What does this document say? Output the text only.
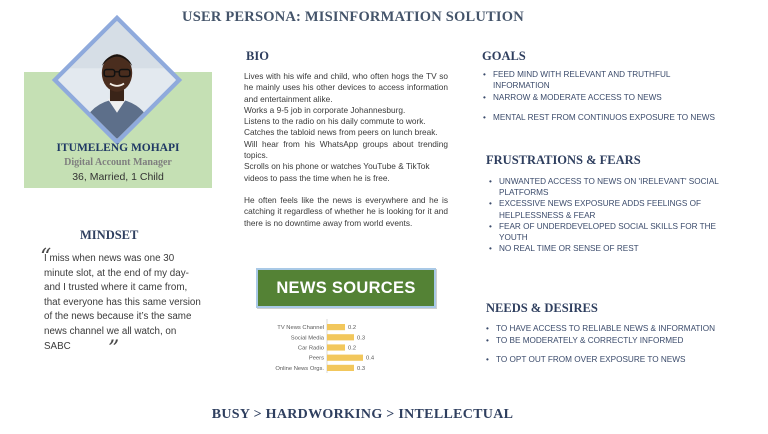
USER PERSONA: MISINFORMATION SOLUTION
ITUMELENG MOHAPI
Digital Account Manager
36, Married, 1 Child
BIO

Lives with his wife and child, who often hogs the TV so he mainly uses his other devices to access information and entertainment alike.

Works a 9-5 job in corporate Johannesburg.

Listens to the radio on his daily commute to work.

Catches the tabloid news from peers on lunch break.

Will hear from his WhatsApp groups about trending topics.

Scrolls on his phone or watches YouTube & TikTok videos to pass the time when he is free.

He often feels like the news is everywhere and he is catching it regardless of whether he is looking for it and there is no downtime away from world events.

GOALS
• FEED MIND WITH RELEVANT AND TRUTHFUL INFORMATION
• NARROW & MODERATE ACCESS TO NEWS
• MENTAL REST FROM CONTINUOS EXPOSURE TO NEWS
FRUSTRATIONS & FEARS
• UNWANTED ACCESS TO NEWS ON 'IRELEVANT' SOCIAL PLATFORMS
• EXCESSIVE NEWS EXPOSURE ADDS FEELINGS OF HELPLESSNESS & FEAR
• FEAR OF UNDERDEVELOPED SOCIAL SKILLS FOR THE YOUTH
• NO REAL TIME OR SENSE OF REST
NEEDS & DESIRES
• TO HAVE ACCESS TO RELIABLE NEWS & INFORMATION
• TO BE MODERATELY & CORRECTLY INFORMED
• TO OPT OUT FROM OVER EXPOSURE TO NEWS
MINDSET
“
I miss when news was one 30 minute slot, at the end of my day- and I trusted where it came from, that everyone has this same version of the news because it’s the same news channel we all watch, on SABC	”
NEWS SOURCES
TV News Channel	0.2
Social Media	0.3
Car Radio	0.2
Peers	0.4
Online News Orgs.	0.3
BUSY > HARDWORKING > INTELLECTUAL
